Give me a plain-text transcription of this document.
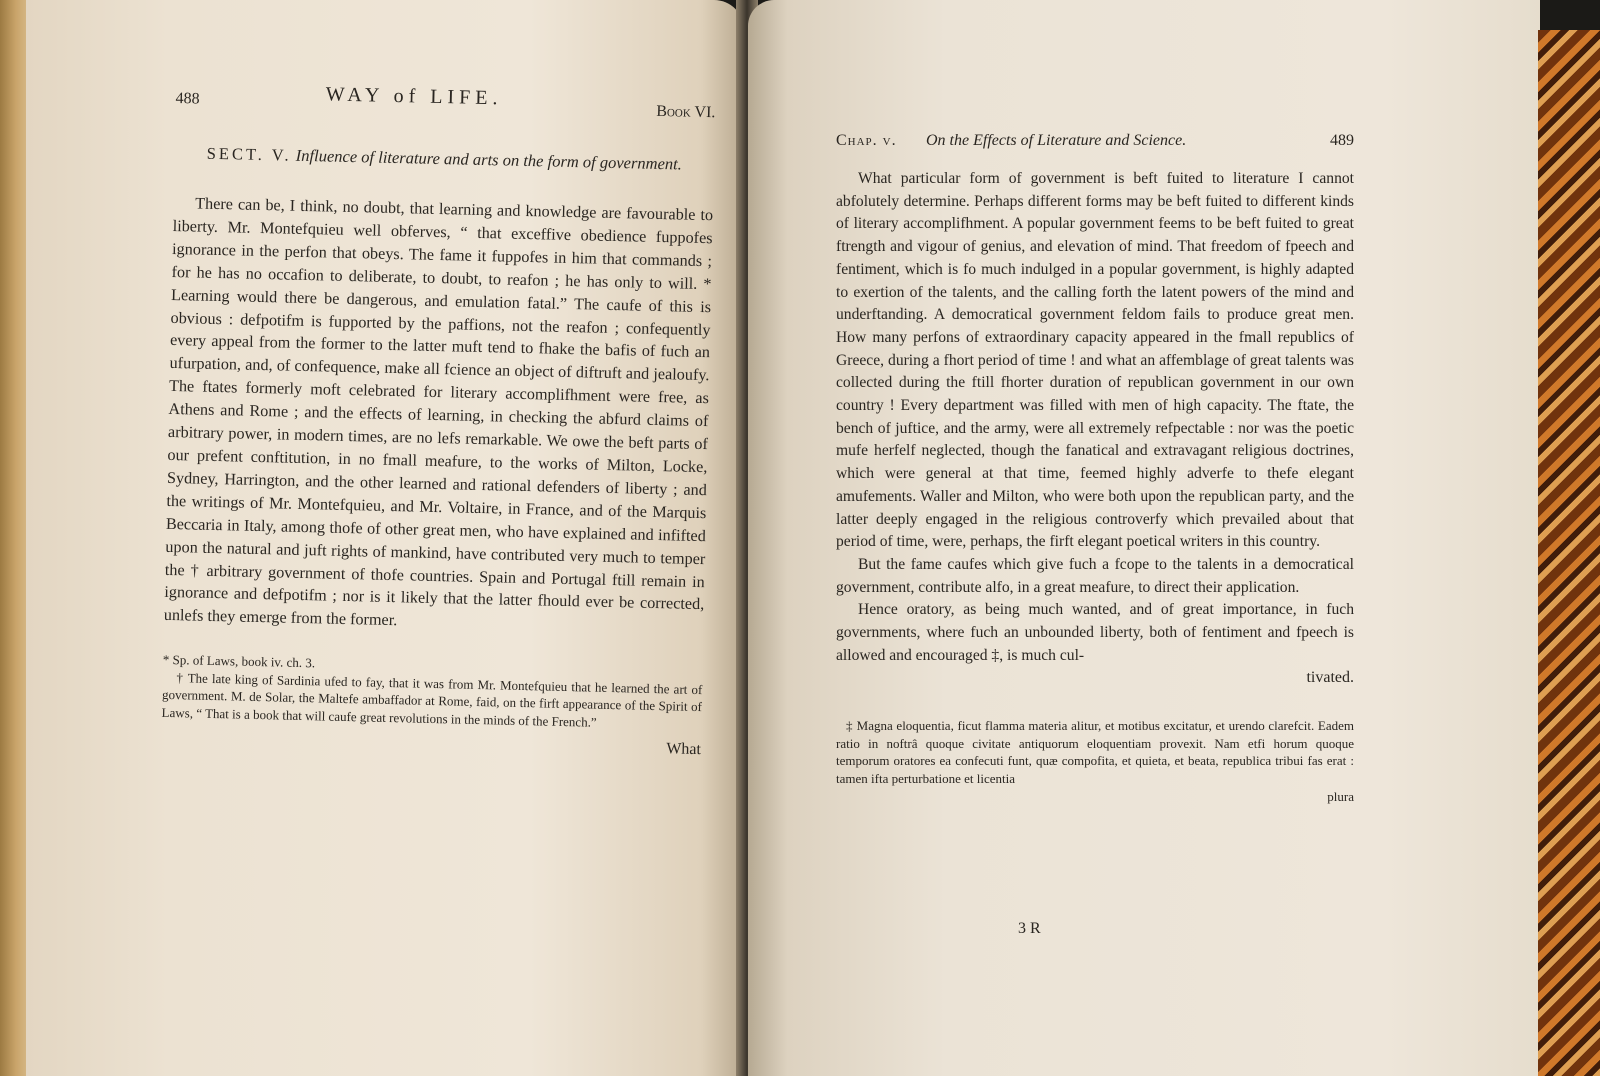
488	WAY of LIFE.
Book VI.
SECT. V. Influence of literature and arts on the form of government.

There can be, I think, no doubt, that learning and knowledge are favourable to liberty. Mr. Montefquieu well obferves, “ that exceffive obedience fuppofes ignorance in the perfon that obeys. The fame it fuppofes in him that commands ; for he has no occafion to deliberate, to doubt, to reafon ; he has only to will. * Learning would there be dangerous, and emulation fatal.” The caufe of this is obvious : defpotifm is fupported by the paffions, not the reafon ; confequently every appeal from the former to the latter muft tend to fhake the bafis of fuch an ufurpation, and, of confequence, make all fcience an object of diftruft and jealoufy. The ftates formerly moft celebrated for literary accomplifhment were free, as Athens and Rome ; and the effects of learning, in checking the abfurd claims of arbitrary power, in modern times, are no lefs remarkable. We owe the beft parts of our prefent conftitution, in no fmall meafure, to the works of Milton, Locke, Sydney, Harrington, and the other learned and rational defenders of liberty ; and the writings of Mr. Montefquieu, and Mr. Voltaire, in France, and of the Marquis Beccaria in Italy, among thofe of other great men, who have explained and infifted upon the natural and juft rights of mankind, have contributed very much to temper the † arbitrary government of thofe countries. Spain and Portugal ftill remain in ignorance and defpotifm ; nor is it likely that the latter fhould ever be corrected, unlefs they emerge from the former.

* Sp. of Laws, book iv. ch. 3.

† The late king of Sardinia ufed to fay, that it was from Mr. Montefquieu that he learned the art of government. M. de Solar, the Maltefe ambaffador at Rome, faid, on the firft appearance of the Spirit of Laws, “ That is a book that will caufe great revolutions in the minds of the French.”

What
Chap. v. On the Effects of Literature and Science.	489

What particular form of government is beft fuited to literature I cannot abfolutely determine. Perhaps different forms may be beft fuited to different kinds of literary accomplifhment. A popular government feems to be beft fuited to great ftrength and vigour of genius, and elevation of mind. That freedom of fpeech and fentiment, which is fo much indulged in a popular government, is highly adapted to exertion of the talents, and the calling forth the latent powers of the mind and underftanding. A democratical government feldom fails to produce great men. How many perfons of extraordinary capacity appeared in the fmall republics of Greece, during a fhort period of time ! and what an affemblage of great talents was collected during the ftill fhorter duration of republican government in our own country ! Every department was filled with men of high capacity. The ftate, the bench of juftice, and the army, were all extremely refpectable : nor was the poetic mufe herfelf neglected, though the fanatical and extravagant religious doctrines, which were general at that time, feemed highly adverfe to thefe elegant amufements. Waller and Milton, who were both upon the republican party, and the latter deeply engaged in the religious controverfy which prevailed about that period of time, were, perhaps, the firft elegant poetical writers in this country.

But the fame caufes which give fuch a fcope to the talents in a democratical government, contribute alfo, in a great meafure, to direct their application.

Hence oratory, as being much wanted, and of great importance, in fuch governments, where fuch an unbounded liberty, both of fentiment and fpeech is allowed and encouraged ‡, is much cul-

tivated.

‡ Magna eloquentia, ficut flamma materia alitur, et motibus excitatur, et urendo clarefcit. Eadem ratio in noftrâ quoque civitate antiquorum eloquentiam provexit. Nam etfi horum quoque temporum oratores ea confecuti funt, quæ compofita, et quieta, et beata, republica tribui fas erat : tamen ifta perturbatione et licentia

plura
3 R
